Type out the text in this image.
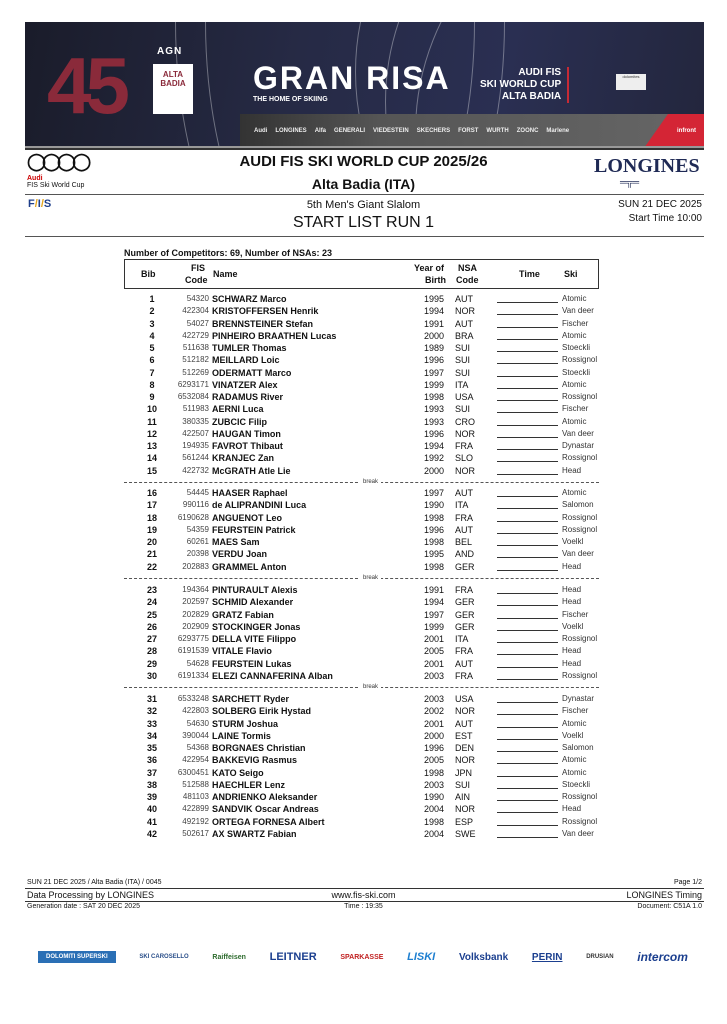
45	AGN
ALTA BADIA GRAN RISA
THE HOME OF SKIING
AUDI FIS
SKI WORLD CUP
ALTA BADIA
dolomites
Audi LONGINES Alfa GENERALI VIEDESTEIN SKECHERS FORST WURTH ZOONC Marlene	infront
◯◯◯◯
Audi
FIS Ski World Cup
AUDI FIS SKI WORLD CUP 2025/26
Alta Badia (ITA)
LONGINES
═╦═
F/I/S	5th Men's Giant Slalom
START LIST RUN 1
SUN 21 DEC 2025
Start Time 10:00
Number of Competitors: 69, Number of NSAs: 23
Bib
FIS
Code
Name
Year of
Birth
NSA
Code
Time	Ski
1	54320 SCHWARZ Marco	1995 AUT	Atomic
2	422304 KRISTOFFERSEN Henrik	1994 NOR	Van deer
3	54027 BRENNSTEINER Stefan	1991 AUT	Fischer
4	422729 PINHEIRO BRAATHEN Lucas	2000 BRA	Atomic
5	511638 TUMLER Thomas	1989 SUI	Stoeckli
6	512182 MEILLARD Loic	1996 SUI	Rossignol
7	512269 ODERMATT Marco	1997 SUI	Stoeckli
8	6293171 VINATZER Alex	1999 ITA	Atomic
9	6532084 RADAMUS River	1998 USA	Rossignol
10	511983 AERNI Luca	1993 SUI	Fischer
11	380335 ZUBCIC Filip	1993 CRO	Atomic
12	422507 HAUGAN Timon	1996 NOR	Van deer
13	194935 FAVROT Thibaut	1994 FRA	Dynastar
14	561244 KRANJEC Zan	1992 SLO	Rossignol
15	422732 McGRATH Atle Lie	2000 NOR	Head
16	54445 HAASER Raphael	1997 AUT	Atomic
17	990116 de ALIPRANDINI Luca	1990 ITA	Salomon
18	6190628 ANGUENOT Leo	1998 FRA	Rossignol
19	54359 FEURSTEIN Patrick	1996 AUT	Rossignol
20	60261 MAES Sam	1998 BEL	Voelkl
21	20398 VERDU Joan	1995 AND	Van deer
22	202883 GRAMMEL Anton	1998 GER	Head
23	194364 PINTURAULT Alexis	1991 FRA	Head
24	202597 SCHMID Alexander	1994 GER	Head
25	202829 GRATZ Fabian	1997 GER	Fischer
26	202909 STOCKINGER Jonas	1999 GER	Voelkl
27	6293775 DELLA VITE Filippo	2001 ITA	Rossignol
28	6191539 VITALE Flavio	2005 FRA	Head
29	54628 FEURSTEIN Lukas	2001 AUT	Head
30	6191334 ELEZI CANNAFERINA Alban	2003 FRA	Rossignol
31	6533248 SARCHETT Ryder	2003 USA	Dynastar
32	422803 SOLBERG Eirik Hystad	2002 NOR	Fischer
33	54630 STURM Joshua	2001 AUT	Atomic
34	390044 LAINE Tormis	2000 EST	Voelkl
35	54368 BORGNAES Christian	1996 DEN	Salomon
36	422954 BAKKEVIG Rasmus	2005 NOR	Atomic
37	6300451 KATO Seigo	1998 JPN	Atomic
38	512588 HAECHLER Lenz	2003 SUI	Stoeckli
39	481103 ANDRIENKO Aleksander	1990 AIN	Rossignol
40	422899 SANDVIK Oscar Andreas	2004 NOR	Head
41	492192 ORTEGA FORNESA Albert	1998 ESP	Rossignol
42	502617 AX SWARTZ Fabian	2004 SWE	Van deer
break
break
break
SUN 21 DEC 2025 / Alta Badia (ITA) / 0045	Page 1/2
Data Processing by LONGINES	www.fis-ski.com	LONGINES Timing
Generation date : SAT 20 DEC 2025	Time : 19:35	Document: C51A 1.0
DOLOMITI SUPERSKI	SKI CAROSELLO	Raiffeisen LEITNER	SPARKASSE LISKI Volksbank PERIN	DRUSIAN intercom
